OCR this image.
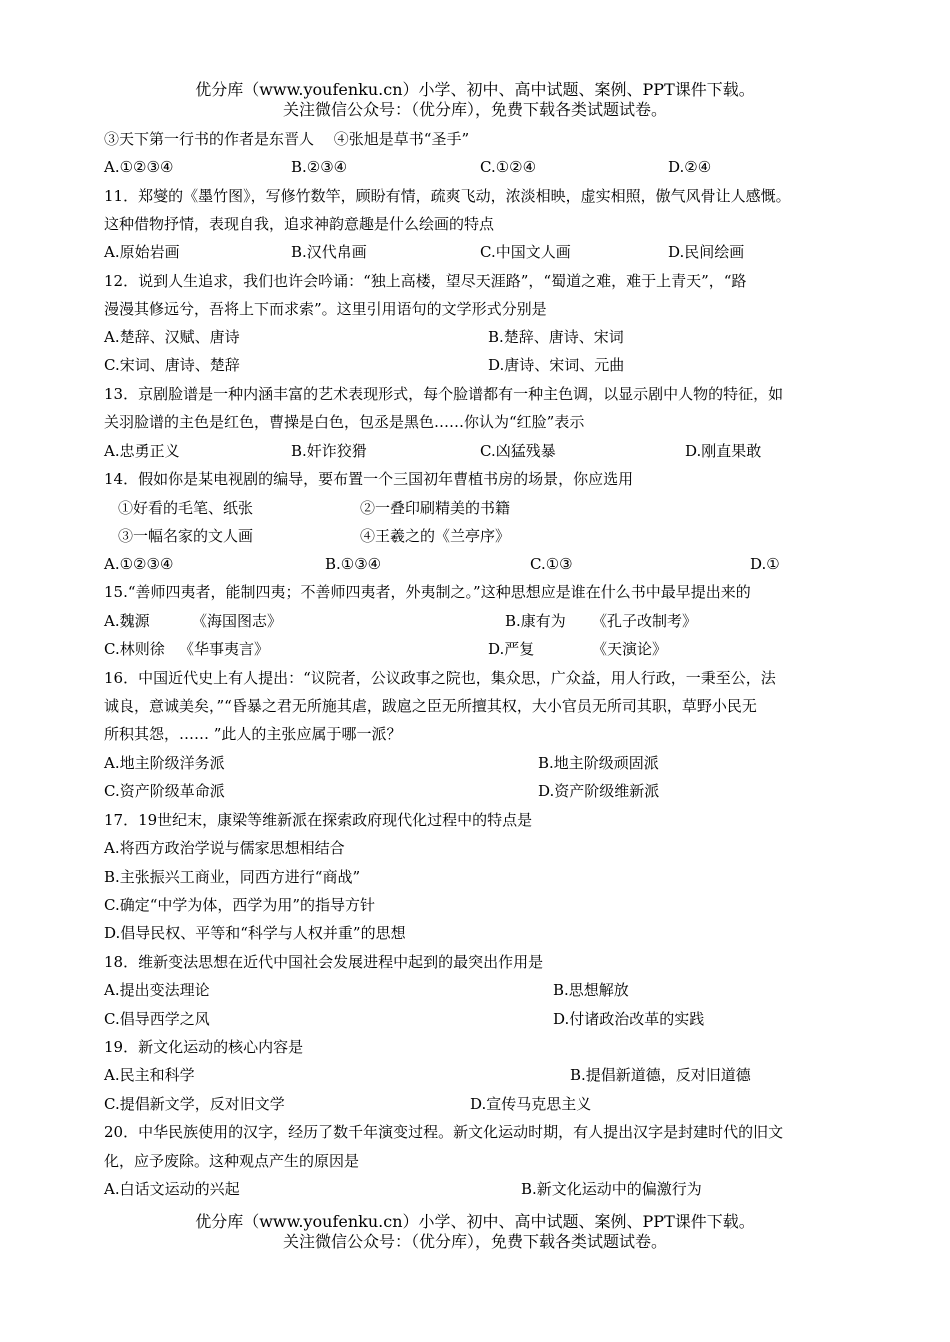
优分库（www.youfenku.cn）小学、初中、高中试题、案例、PPT课件下载。
关注微信公众号：（优分库），免费下载各类试题试卷。
③天下第一行书的作者是东晋人　 ④张旭是草书“圣手”
A.①②③④	B.②③④	C.①②④	D.②④
11．郑燮的《墨竹图》，写修竹数竿，顾盼有情，疏爽飞动，浓淡相映，虚实相照，傲气风骨让人感慨。
这种借物抒情，表现自我，追求神韵意趣是什么绘画的特点
A.原始岩画	B.汉代帛画	C.中国文人画	D.民间绘画
12．说到人生追求，我们也许会吟诵：“独上高楼，望尽天涯路”，“蜀道之难，难于上青天”，“路
漫漫其修远兮，吾将上下而求索”。这里引用语句的文学形式分别是
A.楚辞、汉赋、唐诗	B.楚辞、唐诗、宋词
C.宋词、唐诗、楚辞	D.唐诗、宋词、元曲
13．京剧脸谱是一种内涵丰富的艺术表现形式，每个脸谱都有一种主色调，以显示剧中人物的特征，如
关羽脸谱的主色是红色，曹操是白色，包丞是黑色……你认为“红脸”表示
A.忠勇正义	B.奸诈狡猾	C.凶猛残暴	D.刚直果敢
14．假如你是某电视剧的编导，要布置一个三国初年曹植书房的场景，你应选用
①好看的毛笔、纸张	②一叠印刷精美的书籍
③一幅名家的文人画	④王羲之的《兰亭序》
A.①②③④	B.①③④	C.①③	D.①
15.“善师四夷者，能制四夷；不善师四夷者，外夷制之。”这种思想应是谁在什么书中最早提出来的
A.魏源	《海国图志》	B.康有为 《孔子改制考》
C.林则徐 《华事夷言》	D.严复	《天演论》
16．中国近代史上有人提出：“议院者，公议政事之院也，集众思，广众益，用人行政，一秉至公，法
诚良，意诚美矣，”“昏暴之君无所施其虐，跋扈之臣无所擅其权，大小官员无所司其职，草野小民无
所积其怨，…… ”此人的主张应属于哪一派？
A.地主阶级洋务派	B.地主阶级顽固派
C.资产阶级革命派	D.资产阶级维新派
17．19世纪末，康梁等维新派在探索政府现代化过程中的特点是
A.将西方政治学说与儒家思想相结合
B.主张振兴工商业，同西方进行“商战”
C.确定“中学为体，西学为用”的指导方针
D.倡导民权、平等和“科学与人权并重”的思想
18．维新变法思想在近代中国社会发展进程中起到的最突出作用是
A.提出变法理论	B.思想解放
C.倡导西学之风	D.付诸政治改革的实践
19．新文化运动的核心内容是
A.民主和科学	B.提倡新道德，反对旧道德
C.提倡新文学，反对旧文学	D.宣传马克思主义
20．中华民族使用的汉字，经历了数千年演变过程。新文化运动时期，有人提出汉字是封建时代的旧文
化，应予废除。这种观点产生的原因是
A.白话文运动的兴起	B.新文化运动中的偏激行为
优分库（www.youfenku.cn）小学、初中、高中试题、案例、PPT课件下载。
关注微信公众号：（优分库），免费下载各类试题试卷。
